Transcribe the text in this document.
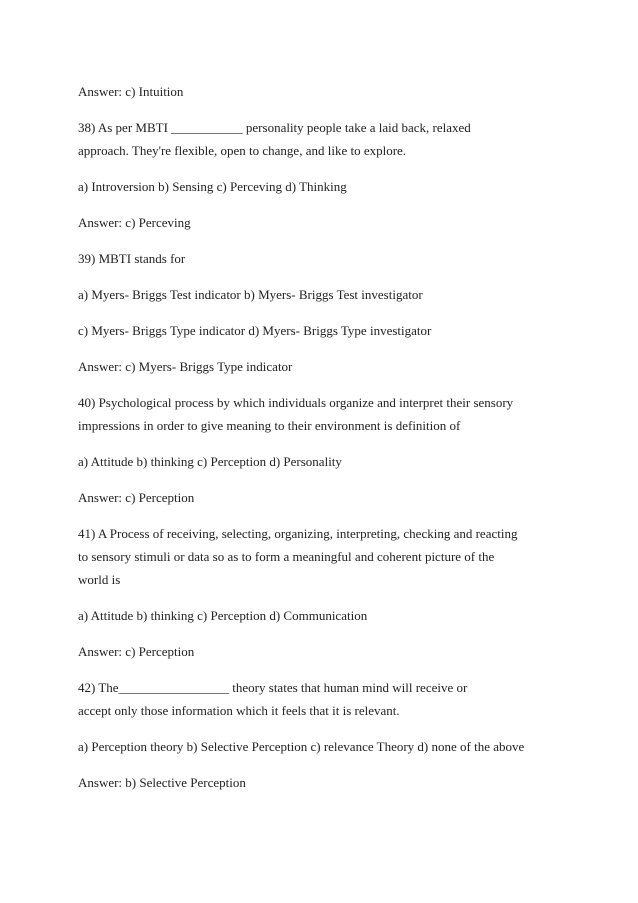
Answer: c) Intuition

38) As per MBTI ___________ personality people take a laid back, relaxed
approach. They're flexible, open to change, and like to explore.

a) Introversion b) Sensing c) Perceving d) Thinking

Answer: c) Perceving

39) MBTI stands for

a) Myers- Briggs Test indicator b) Myers- Briggs Test investigator

c) Myers- Briggs Type indicator d) Myers- Briggs Type investigator

Answer: c) Myers- Briggs Type indicator

40) Psychological process by which individuals organize and interpret their sensory
impressions in order to give meaning to their environment is definition of

a) Attitude b) thinking c) Perception d) Personality

Answer: c) Perception

41) A Process of receiving, selecting, organizing, interpreting, checking and reacting
to sensory stimuli or data so as to form a meaningful and coherent picture of the
world is

a) Attitude b) thinking c) Perception d) Communication

Answer: c) Perception

42) The_________________ theory states that human mind will receive or
accept only those information which it feels that it is relevant.

a) Perception theory b) Selective Perception c) relevance Theory d) none of the above

Answer: b) Selective Perception
